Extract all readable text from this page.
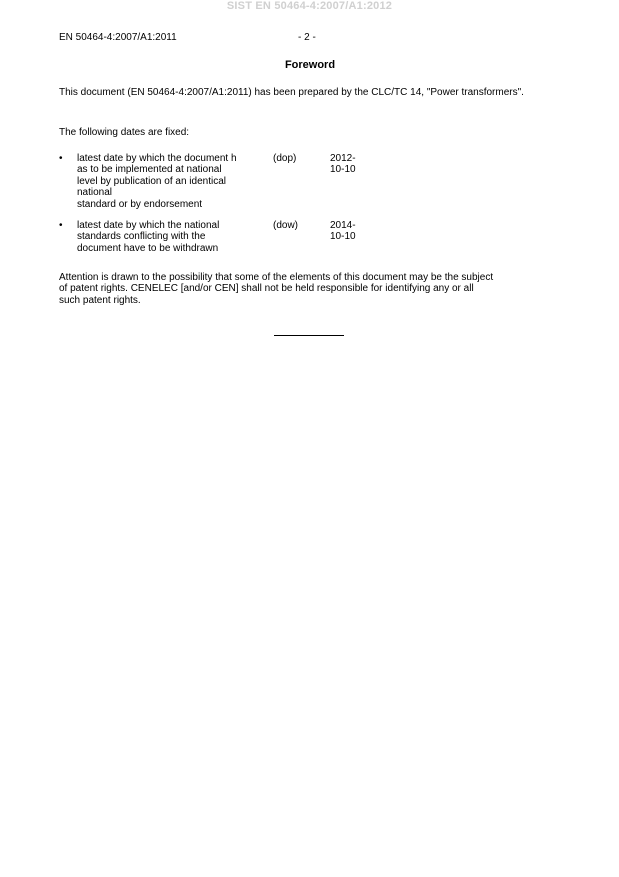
SIST EN 50464-4:2007/A1:2012
EN 50464-4:2007/A1:2011	- 2 -
Foreword
This document (EN 50464-4:2007/A1:2011) has been prepared by the CLC/TC 14, "Power transformers".
The following dates are fixed:
•	latest date by which the document h
as to be implemented at national
level by publication of an identical
national
standard or by endorsement
(dop)	2012-10-10
•	latest date by which the national
standards conflicting with the
document have to be withdrawn
(dow)	2014-10-10
Attention is drawn to the possibility that some of the elements of this document may be the subject
of patent rights. CENELEC [and/or CEN] shall not be held responsible for identifying any or all
such patent rights.
